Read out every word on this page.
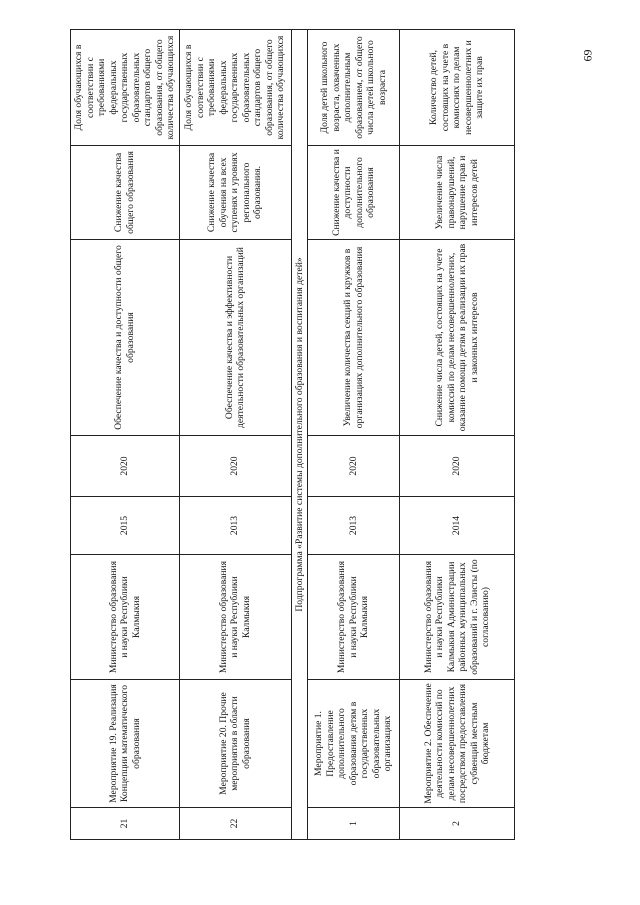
69
21	Мероприятие 19. Реализация Концепции математического образования	Министерство образования и науки Республики Калмыкия	2015	2020	Обеспечение качества и доступности общего образования	Снижение качества общего образования	Доля обучающихся в соответствии с требованиями федеральных государственных образовательных стандартов общего образования, от общего количества обучающихся
22	Мероприятие 20. Прочие мероприятия в области образования	Министерство образования и науки Республики Калмыкия	2013	2020	Обеспечение качества и эффективности деятельности образовательных организаций	Снижение качества обучения на всех ступенях и уровнях регионального образования.	Доля обучающихся в соответствии с требованиями федеральных государственных образовательных стандартов общего образования, от общего количества обучающихся
Подпрограмма «Развитие системы дополнительного образования и воспитания детей»							
1	Мероприятие 1. Предоставление дополнительного образования детям в государственных образовательных организациях	Министерство образования и науки Республики Калмыкия	2013	2020	Увеличение количества секций и кружков в организациях дополнительного образования	Снижение качества и доступности дополнительного образования	Доля детей школьного возраста, охваченных дополнительным образованием, от общего числа детей школьного возраста
2	Мероприятие 2. Обеспечение деятельности комиссий по делам несовершеннолетних посредством предоставления субвенций местным бюджетам	Министерство образования и науки Республики Калмыкия Администрации районных муниципальных образований и г. Элисты (по согласованию)	2014	2020	Снижение числа детей, состоящих на учете комиссий по делам несовершеннолетних, оказание помощи детям в реализации их прав и законных интересов	Увеличение числа правонарушений, нарушение прав и интересов детей	Количество детей, состоящих на учете в комиссиях по делам несовершеннолетних и защите их прав
